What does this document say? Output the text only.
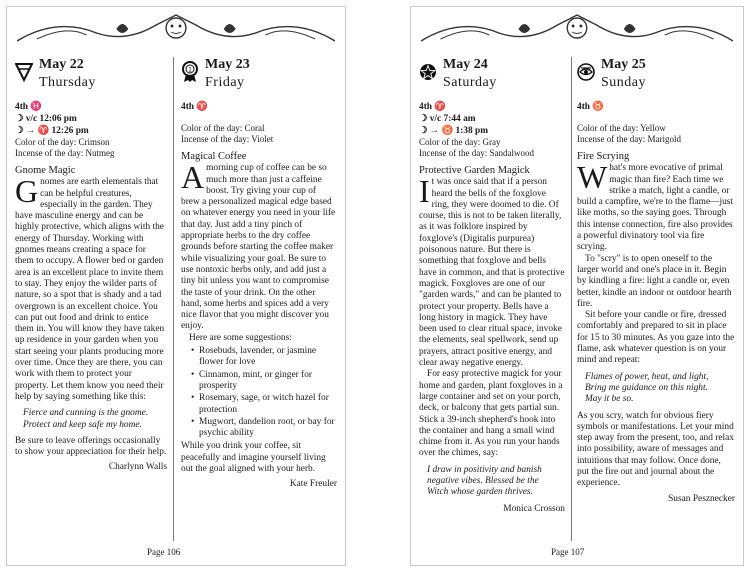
May 22
Thursday
4th ♓
☽ v/c 12:06 pm
☽ → ♈ 12:26 pm
Color of the day: Crimson
Incense of the day: Nutmeg
Gnome Magic

Gnomes are earth elementals that can be helpful creatures, especially in the garden. They have masculine energy and can be highly protective, which aligns with the energy of Thursday. Working with gnomes means creating a space for them to occupy. A flower bed or garden area is an excellent place to invite them to stay. They enjoy the wilder parts of nature, so a spot that is shady and a tad overgrown is an excellent choice. You can put out food and drink to entice them in. You will know they have taken up residence in your garden when you start seeing your plants producing more over time. Once they are there, you can work with them to protect your property. Let them know you need their help by saying something like this:

Fierce and cunning is the gnome.
Protect and keep safe my home.

Be sure to leave offerings occasionally to show your appreciation for their help.

Charlynn Walls
1 May 23
Friday
4th ♈
Color of the day: Coral
Incense of the day: Violet
Magical Coffee

Amorning cup of coffee can be so much more than just a caffeine boost. Try giving your cup of brew a personalized magical edge based on whatever energy you need in your life that day. Just add a tiny pinch of appropriate herbs to the dry coffee grounds before starting the coffee maker while visualizing your goal. Be sure to use nontoxic herbs only, and add just a tiny bit unless you want to compromise the taste of your drink. On the other hand, some herbs and spices add a very nice flavor that you might discover you enjoy.

Here are some suggestions:

• Rosebuds, lavender, or jasmine flower for love
• Cinnamon, mint, or ginger for prosperity
• Rosemary, sage, or witch hazel for protection
• Mugwort, dandelion root, or bay for psychic ability

While you drink your coffee, sit peacefully and imagine yourself living out the goal aligned with your herb.

Kate Freuler
Page 106
May 24
Saturday
4th ♈
☽ v/c 7:44 am
☽ → ♉ 1:38 pm
Color of the day: Gray
Incense of the day: Sandalwood
Protective Garden Magick

It was once said that if a person heard the bells of the foxglove ring, they were doomed to die. Of course, this is not to be taken literally, as it was folklore inspired by foxglove's (Digitalis purpurea) poisonous nature. But there is something that foxglove and bells have in common, and that is protective magick. Foxgloves are one of our "garden wards," and can be planted to protect your property. Bells have a long history in magick. They have been used to clear ritual space, invoke the elements, seal spellwork, send up prayers, attract positive energy, and clear away negative energy.

For easy protective magick for your home and garden, plant foxgloves in a large container and set on your porch, deck, or balcony that gets partial sun. Stick a 39-inch shepherd's hook into the container and hang a small wind chime from it. As you run your hands over the chimes, say:

I draw in positivity and banish
negative vibes. Blessed be the
Witch whose garden thrives.
Monica Crosson
May 25
Sunday
4th ♉
Color of the day: Yellow
Incense of the day: Marigold
Fire Scrying

What's more evocative of primal magic than fire? Each time we strike a match, light a candle, or build a campfire, we're to the flame—just like moths, so the saying goes. Through this intense connection, fire also provides a powerful divinatory tool via fire scrying.

To "scry" is to open oneself to the larger world and one's place in it. Begin by kindling a fire: light a candle or, even better, kindle an indoor or outdoor hearth fire.

Sit before your candle or fire, dressed comfortably and prepared to sit in place for 15 to 30 minutes. As you gaze into the flame, ask whatever question is on your mind and repeat:

Flames of power, heat, and light,
Bring me guidance on this night.
May it be so.

As you scry, watch for obvious fiery symbols or manifestations. Let your mind step away from the present, too, and relax into possibility, aware of messages and intuitions that may follow. Once done, put the fire out and journal about the experience.

Susan Pesznecker
Page 107
